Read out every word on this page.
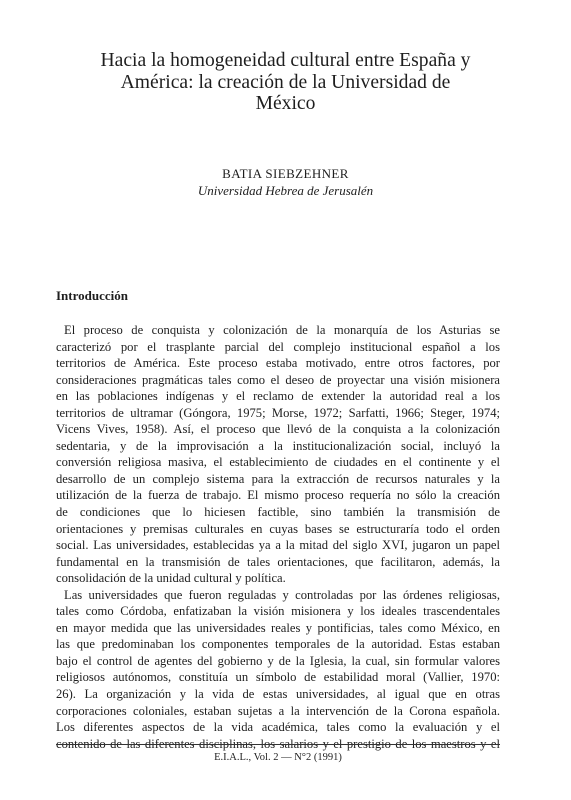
Hacia la homogeneidad cultural entre España y
América: la creación de la Universidad de
México
BATIA SIEBZEHNER
Universidad Hebrea de Jerusalén
Introducción
El proceso de conquista y colonización de la monarquía de los Asturias se
caracterizó por el trasplante parcial del complejo institucional español a los
territorios de América. Este proceso estaba motivado, entre otros factores, por
consideraciones pragmáticas tales como el deseo de proyectar una visión misionera
en las poblaciones indígenas y el reclamo de extender la autoridad real a los
territorios de ultramar (Góngora, 1975; Morse, 1972; Sarfatti, 1966; Steger, 1974;
Vicens Vives, 1958). Así, el proceso que llevó de la conquista a la colonización
sedentaria, y de la improvisación a la institucionalización social, incluyó la
conversión religiosa masiva, el establecimiento de ciudades en el continente y el
desarrollo de un complejo sistema para la extracción de recursos naturales y la
utilización de la fuerza de trabajo. El mismo proceso requería no sólo la creación
de condiciones que lo hiciesen factible, sino también la transmisión de
orientaciones y premisas culturales en cuyas bases se estructuraría todo el orden
social. Las universidades, establecidas ya a la mitad del siglo XVI, jugaron un papel
fundamental en la transmisión de tales orientaciones, que facilitaron, además, la
consolidación de la unidad cultural y política.
Las universidades que fueron reguladas y controladas por las órdenes religiosas,
tales como Córdoba, enfatizaban la visión misionera y los ideales trascendentales
en mayor medida que las universidades reales y pontificias, tales como México, en
las que predominaban los componentes temporales de la autoridad. Estas estaban
bajo el control de agentes del gobierno y de la Iglesia, la cual, sin formular valores
religiosos autónomos, constituía un símbolo de estabilidad moral (Vallier, 1970:
26). La organización y la vida de estas universidades, al igual que en otras
corporaciones coloniales, estaban sujetas a la intervención de la Corona española.
Los diferentes aspectos de la vida académica, tales como la evaluación y el
contenido de las diferentes disciplinas, los salarios y el prestigio de los maestros y el
E.I.A.L., Vol. 2 — N°2 (1991)
